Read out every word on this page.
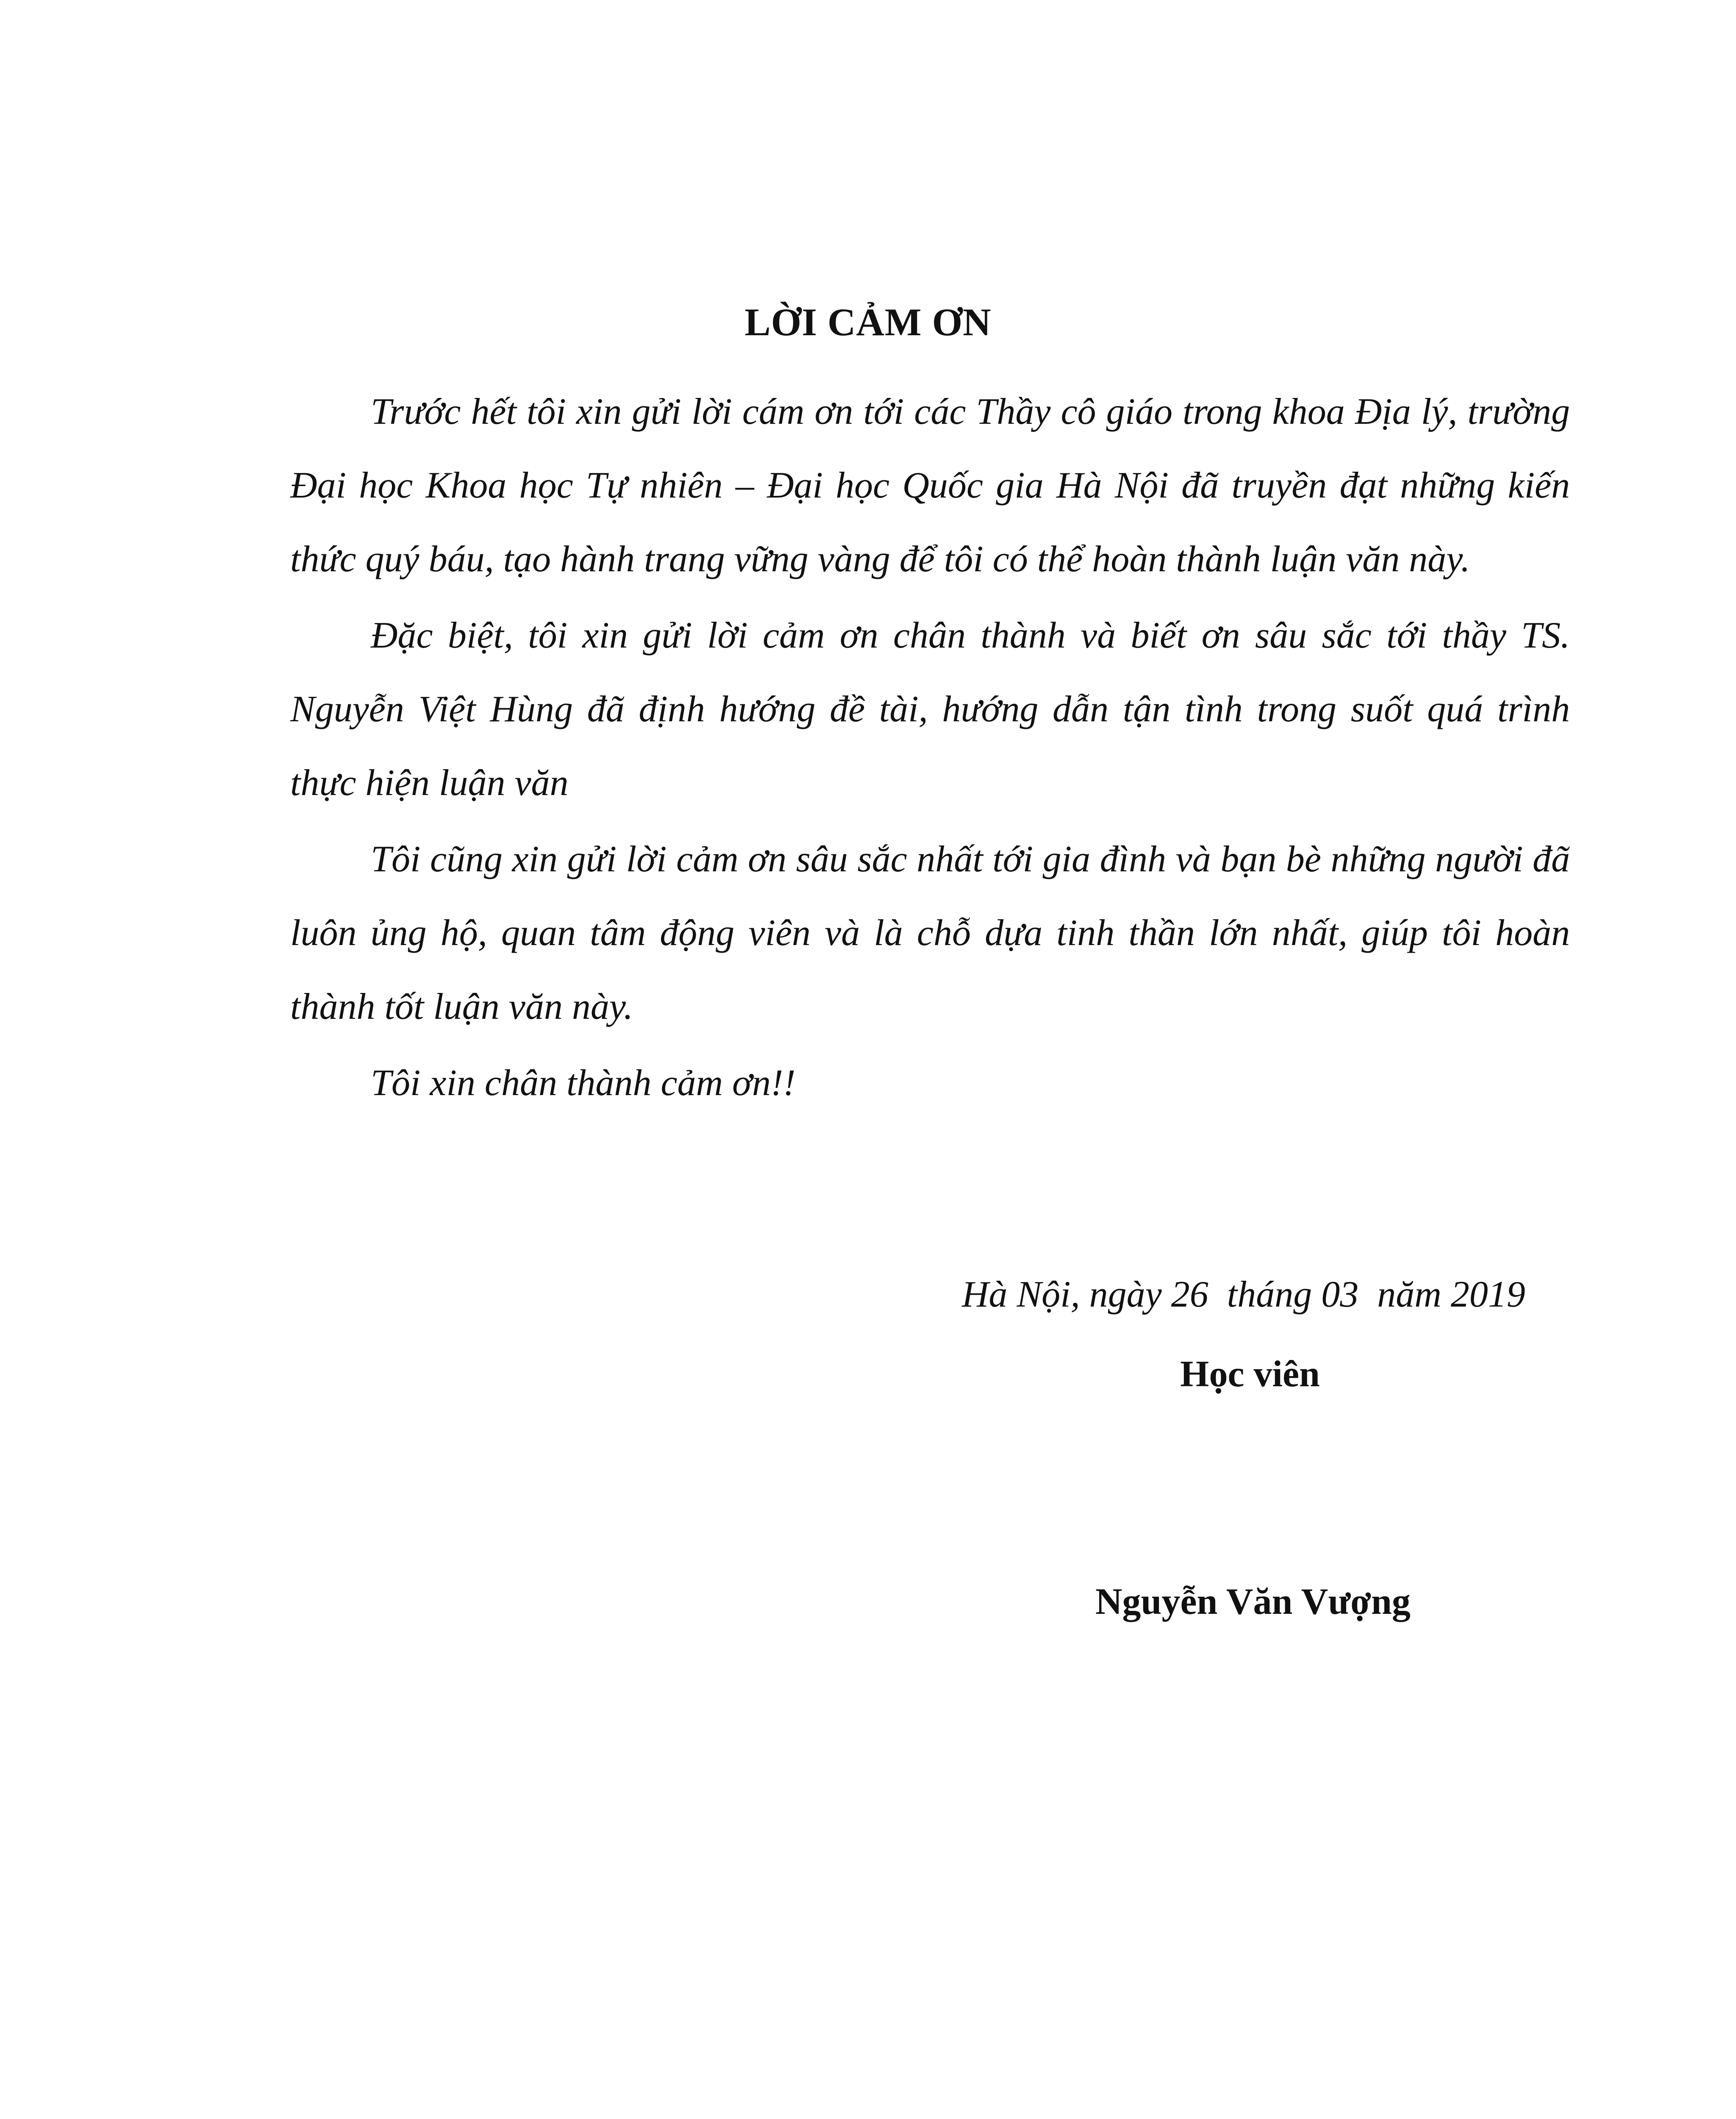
LỜI CẢM ƠN

Trước hết tôi xin gửi lời cám ơn tới các Thầy cô giáo trong khoa Địa lý, trường Đại học Khoa học Tự nhiên – Đại học Quốc gia Hà Nội đã truyền đạt những kiến thức quý báu, tạo hành trang vững vàng để tôi có thể hoàn thành luận văn này.

Đặc biệt, tôi xin gửi lời cảm ơn chân thành và biết ơn sâu sắc tới thầy TS. Nguyễn Việt Hùng đã định hướng đề tài, hướng dẫn tận tình trong suốt quá trình thực hiện luận văn

Tôi cũng xin gửi lời cảm ơn sâu sắc nhất tới gia đình và bạn bè những người đã luôn ủng hộ, quan tâm động viên và là chỗ dựa tinh thần lớn nhất, giúp tôi hoàn thành tốt luận văn này.

Tôi xin chân thành cảm ơn!!

Hà Nội, ngày 26  tháng 03  năm 2019
Học viên
Nguyễn Văn Vượng
